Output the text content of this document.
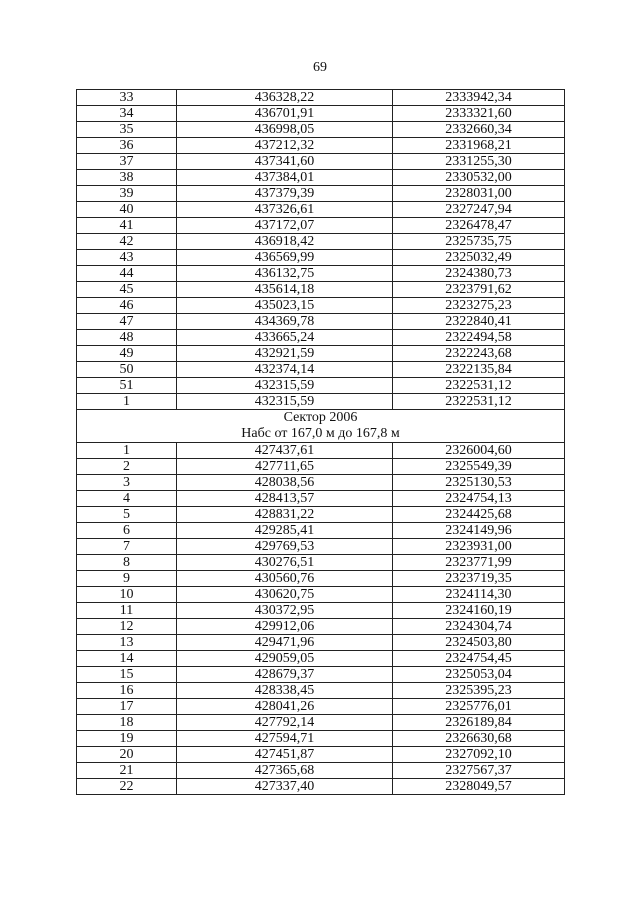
69
33	436328,22	2333942,34
34	436701,91	2333321,60
35	436998,05	2332660,34
36	437212,32	2331968,21
37	437341,60	2331255,30
38	437384,01	2330532,00
39	437379,39	2328031,00
40	437326,61	2327247,94
41	437172,07	2326478,47
42	436918,42	2325735,75
43	436569,99	2325032,49
44	436132,75	2324380,73
45	435614,18	2323791,62
46	435023,15	2323275,23
47	434369,78	2322840,41
48	433665,24	2322494,58
49	432921,59	2322243,68
50	432374,14	2322135,84
51	432315,59	2322531,12
1	432315,59	2322531,12

Сектор 2006
Набс от 167,0 м до 167,8 м		

1	427437,61	2326004,60
2	427711,65	2325549,39
3	428038,56	2325130,53
4	428413,57	2324754,13
5	428831,22	2324425,68
6	429285,41	2324149,96
7	429769,53	2323931,00
8	430276,51	2323771,99
9	430560,76	2323719,35
10	430620,75	2324114,30
11	430372,95	2324160,19
12	429912,06	2324304,74
13	429471,96	2324503,80
14	429059,05	2324754,45
15	428679,37	2325053,04
16	428338,45	2325395,23
17	428041,26	2325776,01
18	427792,14	2326189,84
19	427594,71	2326630,68
20	427451,87	2327092,10
21	427365,68	2327567,37
22	427337,40	2328049,57
